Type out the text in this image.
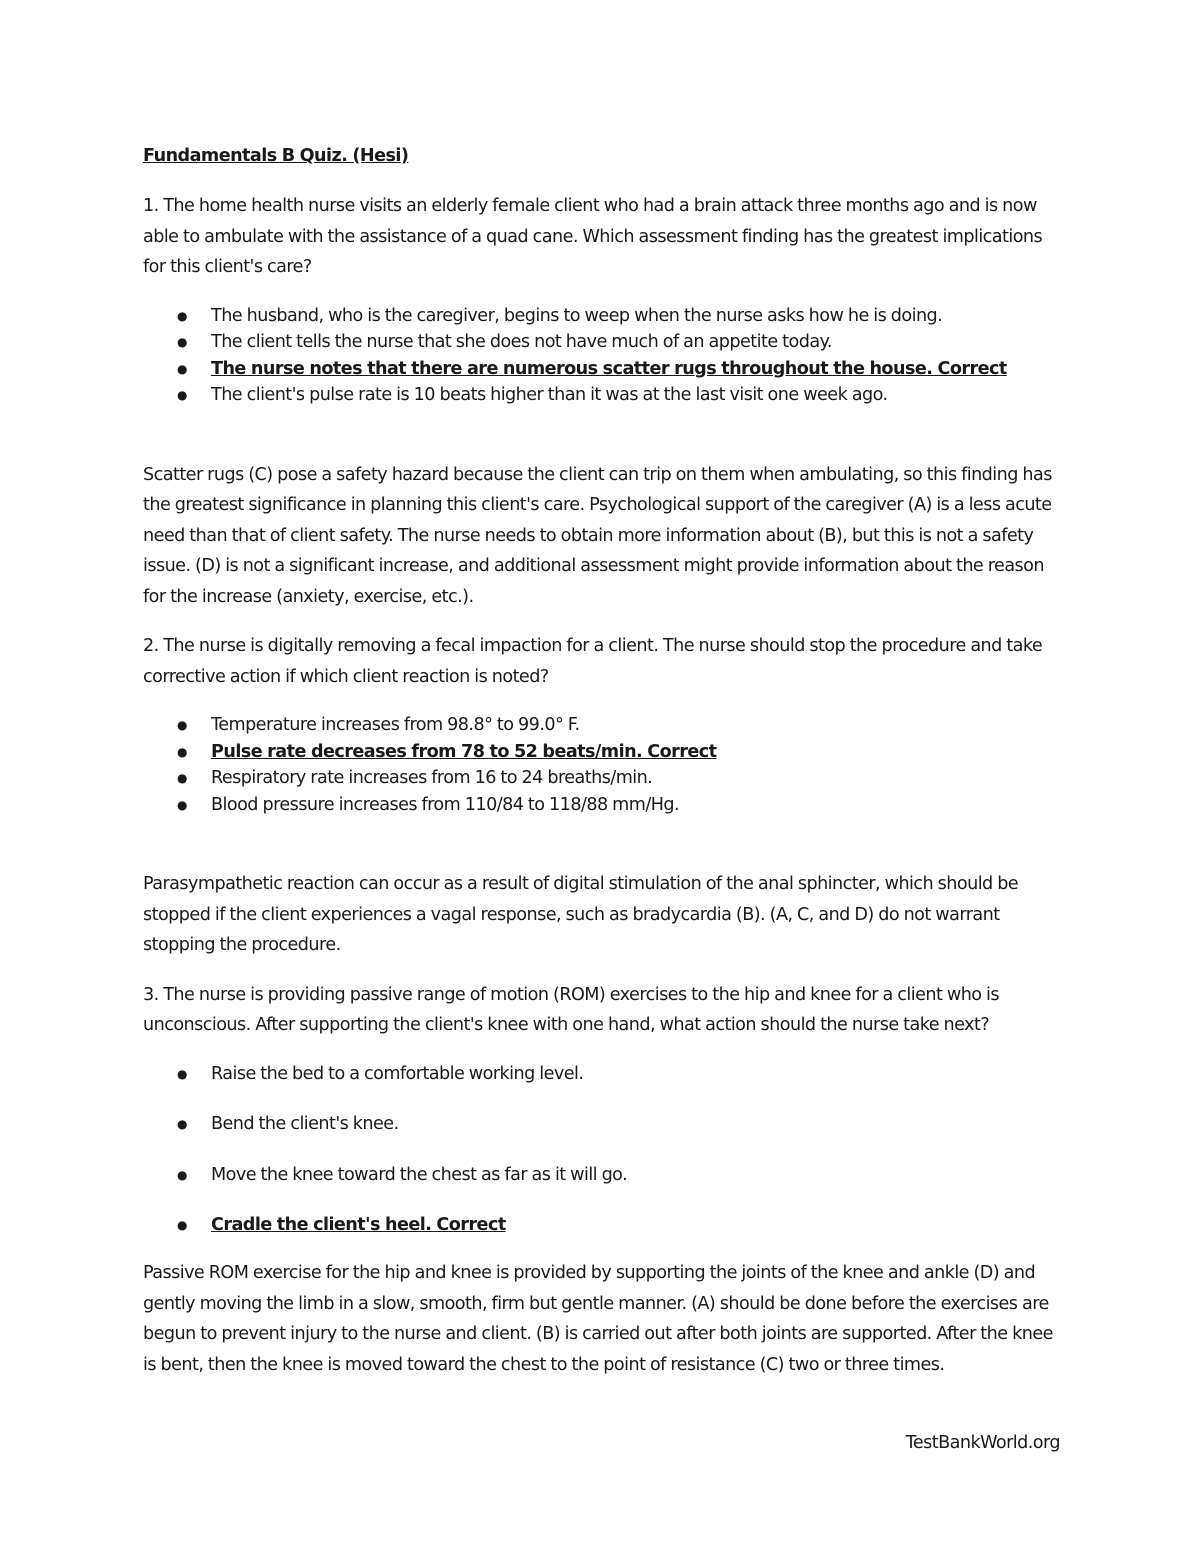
Fundamentals B Quiz. (Hesi)

1. The home health nurse visits an elderly female client who had a brain attack three months ago and is now able to ambulate with the assistance of a quad cane. Which assessment finding has the greatest implications for this client's care?

● The husband, who is the caregiver, begins to weep when the nurse asks how he is doing.
● The client tells the nurse that she does not have much of an appetite today.
● The nurse notes that there are numerous scatter rugs throughout the house. Correct
● The client's pulse rate is 10 beats higher than it was at the last visit one week ago.

Scatter rugs (C) pose a safety hazard because the client can trip on them when ambulating, so this finding has the greatest significance in planning this client's care. Psychological support of the caregiver (A) is a less acute need than that of client safety. The nurse needs to obtain more information about (B), but this is not a safety issue. (D) is not a significant increase, and additional assessment might provide information about the reason for the increase (anxiety, exercise, etc.).

2. The nurse is digitally removing a fecal impaction for a client. The nurse should stop the procedure and take corrective action if which client reaction is noted?

● Temperature increases from 98.8° to 99.0° F.
● Pulse rate decreases from 78 to 52 beats/min. Correct
● Respiratory rate increases from 16 to 24 breaths/min.
● Blood pressure increases from 110/84 to 118/88 mm/Hg.

Parasympathetic reaction can occur as a result of digital stimulation of the anal sphincter, which should be stopped if the client experiences a vagal response, such as bradycardia (B). (A, C, and D) do not warrant stopping the procedure.

3. The nurse is providing passive range of motion (ROM) exercises to the hip and knee for a client who is unconscious. After supporting the client's knee with one hand, what action should the nurse take next?

● Raise the bed to a comfortable working level.
● Bend the client's knee.
● Move the knee toward the chest as far as it will go.
● Cradle the client's heel. Correct

Passive ROM exercise for the hip and knee is provided by supporting the joints of the knee and ankle (D) and gently moving the limb in a slow, smooth, firm but gentle manner. (A) should be done before the exercises are begun to prevent injury to the nurse and client. (B) is carried out after both joints are supported. After the knee is bent, then the knee is moved toward the chest to the point of resistance (C) two or three times.

TestBankWorld.org
